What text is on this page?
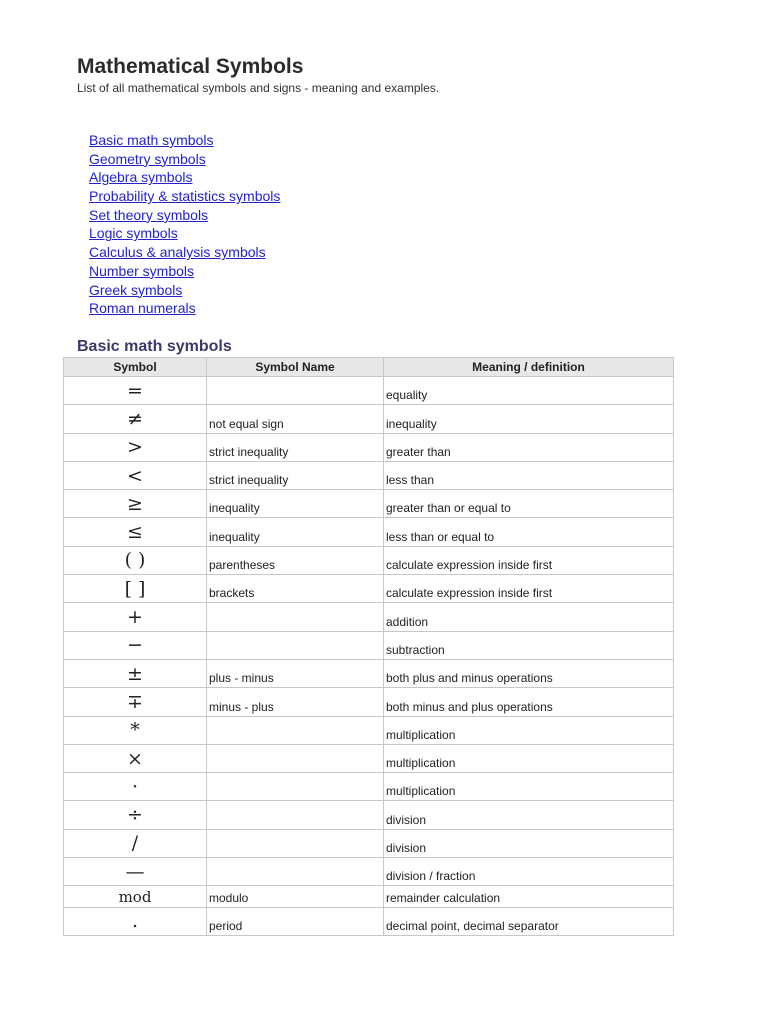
Mathematical Symbols
List of all mathematical symbols and signs - meaning and examples.
Basic math symbols
Geometry symbols
Algebra symbols
Probability & statistics symbols
Set theory symbols
Logic symbols
Calculus & analysis symbols
Number symbols
Greek symbols
Roman numerals
Basic math symbols
Symbol	Symbol Name	Meaning / definition
=		equality
≠	not equal sign	inequality
>	strict inequality	greater than
<	strict inequality	less than
≥	inequality	greater than or equal to
≤	inequality	less than or equal to
( )	parentheses	calculate expression inside first
[ ]	brackets	calculate expression inside first
+		addition
−		subtraction
±	plus - minus	both plus and minus operations
∓	minus - plus	both minus and plus operations
*		multiplication
×		multiplication
·		multiplication
÷		division
/		division
—		division / fraction
mod	modulo	remainder calculation
.	period	decimal point, decimal separator
